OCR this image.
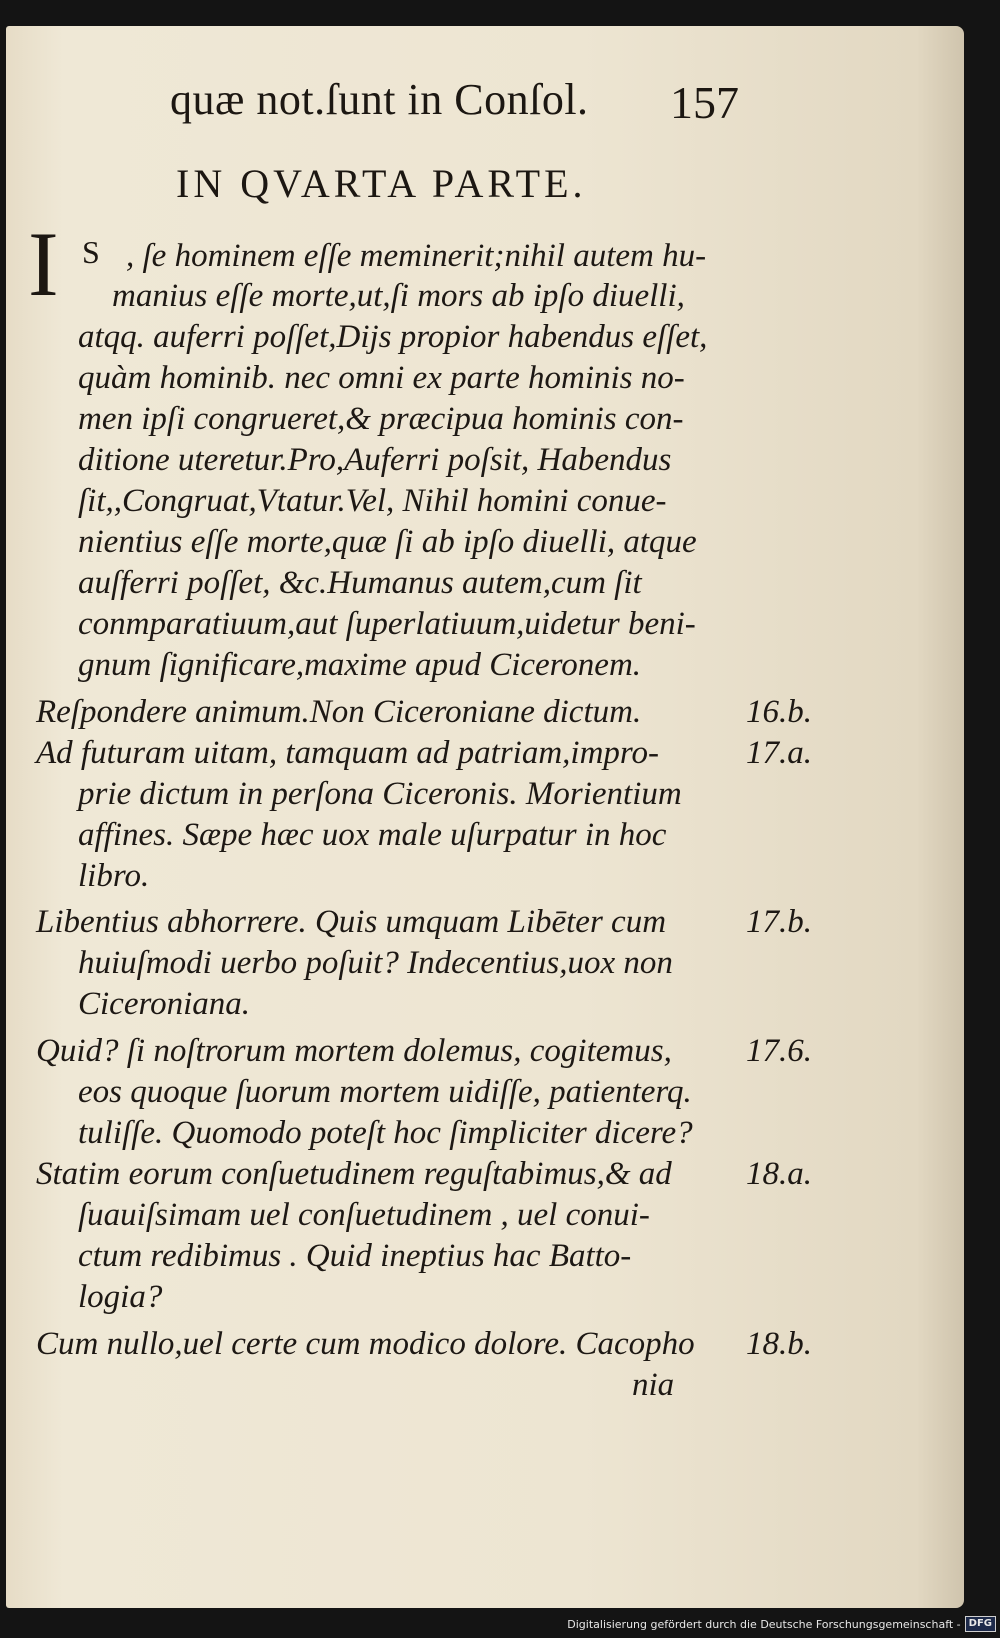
quæ not.ſunt in Conſol. 157
IN QVARTA PARTE.
I S , ſe hominem eſſe meminerit;nihil autem hu-
manius eſſe morte,ut,ſi mors ab ipſo diuelli,
atqq. auferri poſſet,Dijs propior habendus eſſet,
quàm hominib. nec omni ex parte hominis no-
men ipſi congrueret,& præcipua hominis con-
ditione uteretur.Pro,Auferri poſsit, Habendus
ſit,,Congruat,Vtatur.Vel, Nihil homini conue-
nientius eſſe morte,quæ ſi ab ipſo diuelli, atque
auſferri poſſet, &c.Humanus autem,cum ſit
conmparatiuum,aut ſuperlatiuum,uidetur beni-
gnum ſignificare,maxime apud Ciceronem.
Reſpondere animum.Non Ciceroniane dictum.	16.b.
Ad futuram uitam, tamquam ad patriam,impro-	17.a.
prie dictum in perſona Ciceronis. Morientium
affines. Sæpe hæc uox male uſurpatur in hoc
libro.
Libentius abhorrere. Quis umquam Libēter cum 17.b.
huiuſmodi uerbo poſuit? Indecentius,uox non
Ciceroniana.
Quid? ſi noſtrorum mortem dolemus, cogitemus, 17.6.
eos quoque ſuorum mortem uidiſſe, patienterq.
tuliſſe. Quomodo poteſt hoc ſimpliciter dicere?
Statim eorum conſuetudinem reguſtabimus,& ad 18.a.
ſuauiſsimam uel conſuetudinem , uel conui-
ctum redibimus . Quid ineptius hac Batto-
logia?
Cum nullo,uel certe cum modico dolore. Cacopho 18.b.
nia
Digitalisierung gefördert durch die Deutsche Forschungsgemeinschaft - DFG
